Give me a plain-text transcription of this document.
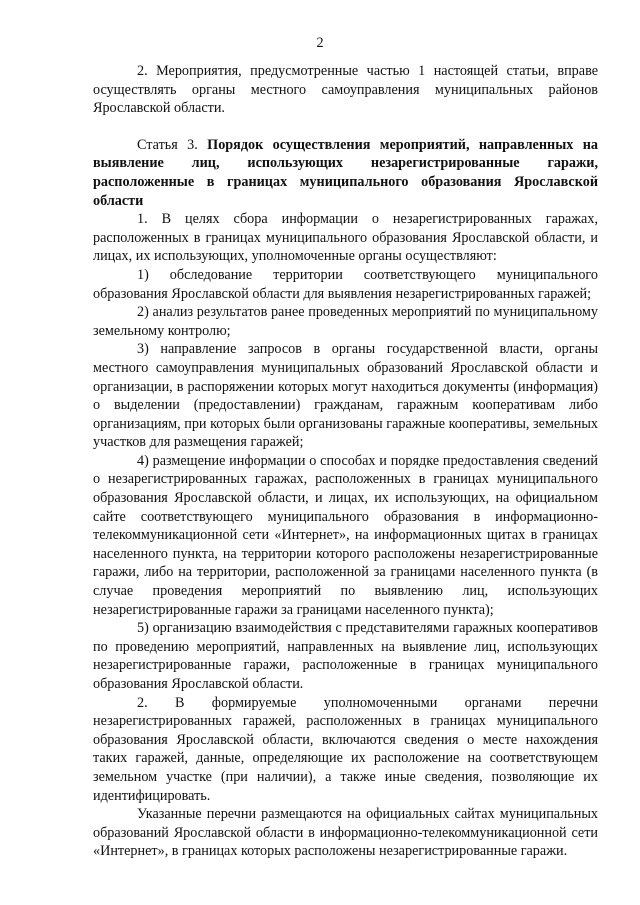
2

2. Мероприятия, предусмотренные частью 1 настоящей статьи, вправе осуществлять органы местного самоуправления муниципальных районов Ярославской области.

Статья 3. Порядок осуществления мероприятий, направленных на выявление лиц, использующих незарегистрированные гаражи, расположенные в границах муниципального образования Ярославской области

1. В целях сбора информации о незарегистрированных гаражах, расположенных в границах муниципального образования Ярославской области, и лицах, их использующих, уполномоченные органы осуществляют:

1) обследование территории соответствующего муниципального образования Ярославской области для выявления незарегистрированных гаражей;

2) анализ результатов ранее проведенных мероприятий по муниципальному земельному контролю;

3) направление запросов в органы государственной власти, органы местного самоуправления муниципальных образований Ярославской области и организации, в распоряжении которых могут находиться документы (информация) о выделении (предоставлении) гражданам, гаражным кооперативам либо организациям, при которых были организованы гаражные кооперативы, земельных участков для размещения гаражей;

4) размещение информации о способах и порядке предоставления сведений о незарегистрированных гаражах, расположенных в границах муниципального образования Ярославской области, и лицах, их использующих, на официальном сайте соответствующего муниципального образования в информационно-телекоммуникационной сети «Интернет», на информационных щитах в границах населенного пункта, на территории которого расположены незарегистрированные гаражи, либо на территории, расположенной за границами населенного пункта (в случае проведения мероприятий по выявлению лиц, использующих незарегистрированные гаражи за границами населенного пункта);

5) организацию взаимодействия с представителями гаражных кооперативов по проведению мероприятий, направленных на выявление лиц, использующих незарегистрированные гаражи, расположенные в границах муниципального образования Ярославской области.

2. В формируемые уполномоченными органами перечни незарегистрированных гаражей, расположенных в границах муниципального образования Ярославской области, включаются сведения о месте нахождения таких гаражей, данные, определяющие их расположение на соответствующем земельном участке (при наличии), а также иные сведения, позволяющие их идентифицировать.

Указанные перечни размещаются на официальных сайтах муниципальных образований Ярославской области в информационно-телекоммуникационной сети «Интернет», в границах которых расположены незарегистрированные гаражи.
